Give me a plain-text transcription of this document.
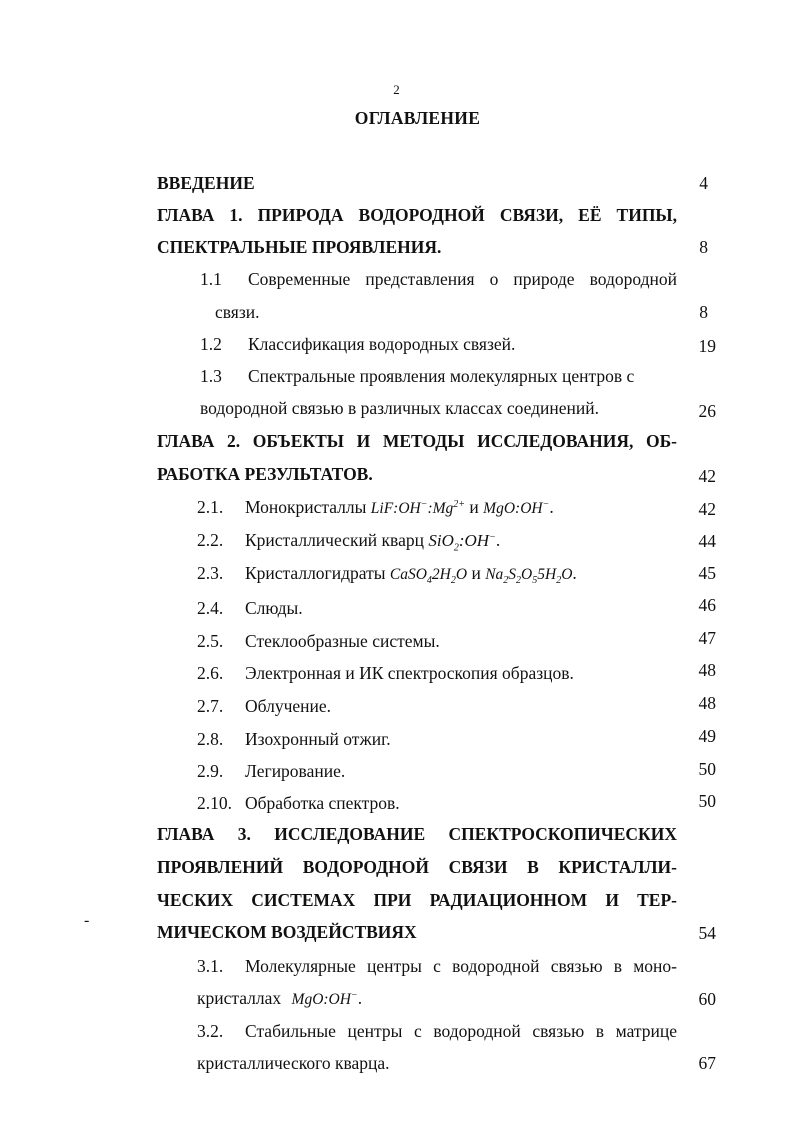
2
ОГЛАВЛЕНИЕ
ВВЕДЕНИЕ	4
ГЛАВА 1. ПРИРОДА ВОДОРОДНОЙ СВЯЗИ, ЕЁ ТИПЫ,
СПЕКТРАЛЬНЫЕ ПРОЯВЛЕНИЯ.	8
1.1 Современные представления о природе водородной
связи.	8
1.2 Классификация водородных связей.	19
1.3 Спектральные проявления молекулярных центров с
водородной связью в различных классах соединений.	26
ГЛАВА 2. ОБЪЕКТЫ И МЕТОДЫ ИССЛЕДОВАНИЯ, ОБ-
РАБОТКА РЕЗУЛЬТАТОВ.	42
2.1. Монокристаллы $LiF:OH^-:Mg^{2+}$ и MgO:OH−.	42
2.2. Кристаллический кварц SiO$_2$:OH−.	44
2.3. Кристаллогидраты $CaSO_42H_2O$ и $Na_2S_2O_55H_2O$.	45
2.4. Слюды.	46
2.5. Стеклообразные системы.	47
2.6. Электронная и ИК спектроскопия образцов.	48
2.7. Облучение.	48
2.8. Изохронный отжиг.	49
2.9. Легирование.	50
2.10. Обработка спектров.	50
ГЛАВА 3. ИССЛЕДОВАНИЕ СПЕКТРОСКОПИЧЕСКИХ
ПРОЯВЛЕНИЙ ВОДОРОДНОЙ СВЯЗИ В КРИСТАЛЛИ-
ЧЕСКИХ СИСТЕМАХ ПРИ РАДИАЦИОННОМ И ТЕР-
МИЧЕСКОМ ВОЗДЕЙСТВИЯХ	54
-
3.1. Молекулярные центры с водородной связью в моно-
кристаллах MgO:OH−.	60
3.2. Стабильные центры с водородной связью в матрице
кристаллического кварца.	67
